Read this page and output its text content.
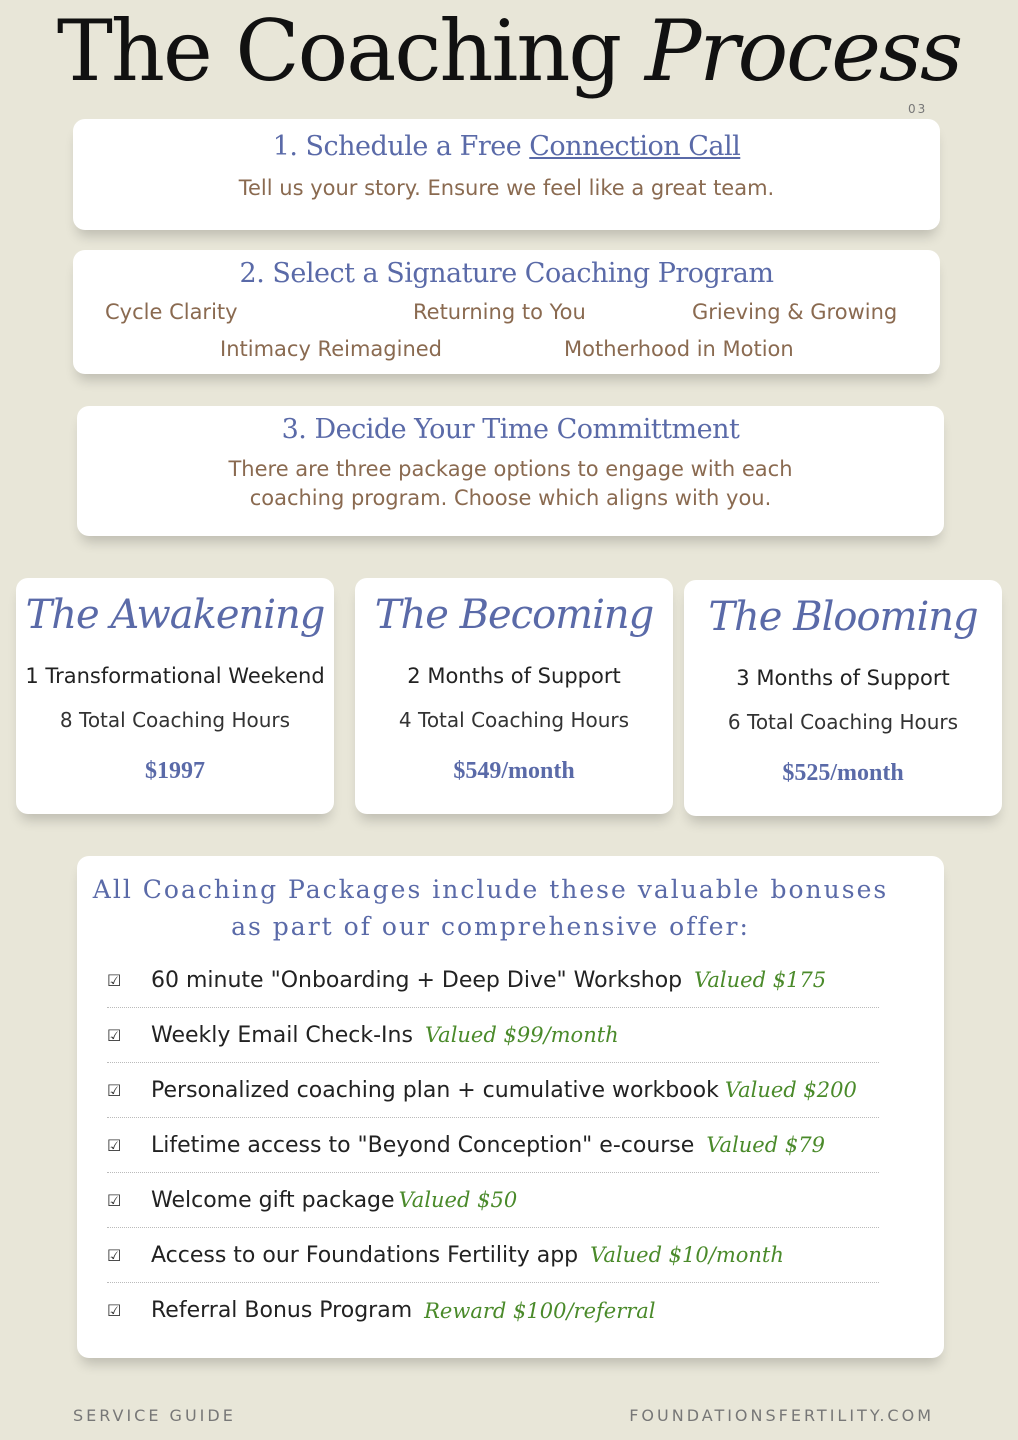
The Coaching Process
03
1. Schedule a Free Connection Call
Tell us your story. Ensure we feel like a great team.
2. Select a Signature Coaching Program
Cycle Clarity	Returning to You	Grieving & Growing
Intimacy Reimagined	Motherhood in Motion
3. Decide Your Time Committment
There are three package options to engage with each
coaching program. Choose which aligns with you.
The Awakening
1 Transformational Weekend
8 Total Coaching Hours
$1997
The Becoming
2 Months of Support
4 Total Coaching Hours
$549/month
The Blooming
3 Months of Support
6 Total Coaching Hours
$525/month
All Coaching Packages include these valuable bonuses
as part of our comprehensive offer:
☑	60 minute "Onboarding + Deep Dive" Workshop Valued $175
☑	Weekly Email Check-Ins Valued $99/month
☑	Personalized coaching plan + cumulative workbook Valued $200
☑	Lifetime access to "Beyond Conception" e-course Valued $79
☑	Welcome gift package Valued $50
☑	Access to our Foundations Fertility app Valued $10/month
☑	Referral Bonus Program Reward $100/referral
SERVICE GUIDE	FOUNDATIONSFERTILITY.COM
